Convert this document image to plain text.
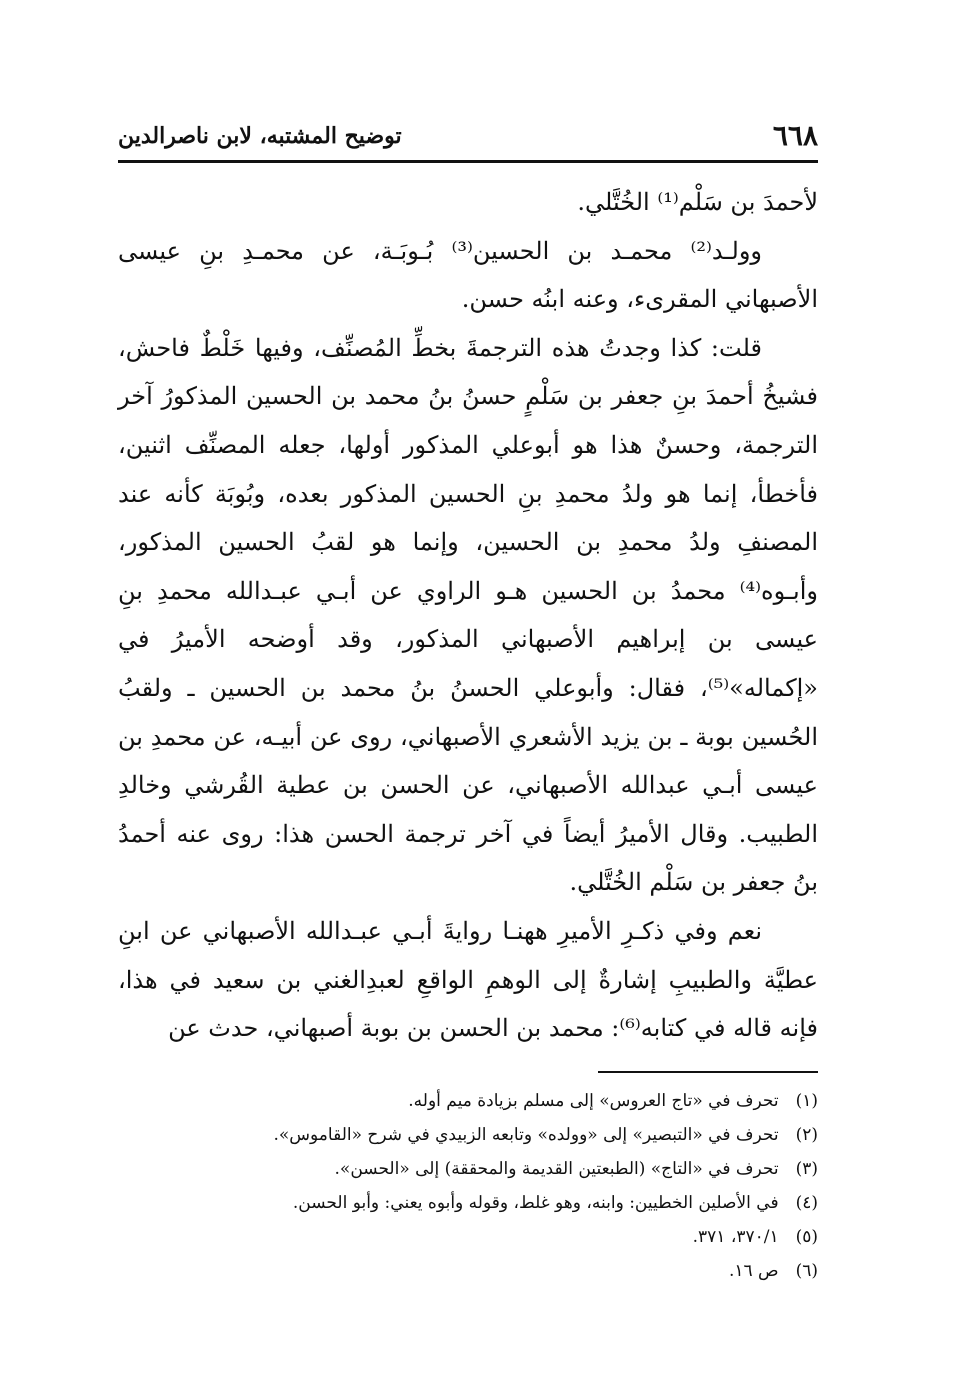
٦٦٨
توضيح المشتبه، لابن ناصرالدين

لأحمدَ بن سَلْم⁽¹⁾ الخُتَّلي.

وولـد⁽²⁾ محمـد بن الحسين⁽³⁾ بُـوبَـة، عن محمـدِ بنِ عيسى الأصبهاني المقرىء، وعنه ابنُه حسن.

قلت: كذا وجدتُ هذه الترجمةَ بخطِّ المُصنِّف، وفيها خَلْطٌ فاحش، فشيخُ أحمدَ بنِ جعفر بن سَلْمٍ حسنُ بنُ محمد بن الحسين المذكورُ آخر الترجمة، وحسنٌ هذا هو أبوعلي المذكور أولها، جعله المصنِّف اثنين، فأخطأ، إنما هو ولدُ محمدِ بنِ الحسين المذكور بعده، وبُوبَة كأنه عند المصنفِ ولدُ محمدِ بن الحسين، وإنما هو لقبُ الحسين المذكور، وأبـوه⁽⁴⁾ محمدُ بن الحسين هـو الراوي عن أبـي عبـدالله محمدِ بنِ عيسى بن إبراهيم الأصبهاني المذكور، وقد أوضحه الأميرُ في «إكماله»⁽⁵⁾، فقال: وأبوعلي الحسنُ بنُ محمد بن الحسين ـ ولقبُ الحُسين بوبة ـ بن يزيد الأشعري الأصبهاني، روى عن أبيـه، عن محمدِ بن عيسى أبـي عبدالله الأصبهاني، عن الحسن بن عطية القُرشي وخالدِ الطبيب. وقال الأميرُ أيضاً في آخر ترجمة الحسن هذا: روى عنه أحمدُ بنُ جعفر بن سَلْم الخُتَّلي.

نعم وفي ذكـرِ الأميرِ ههنـا روايةَ أبـي عبـدالله الأصبهاني عن ابنِ عطيَّة والطبيبِ إشارةٌ إلى الوهمِ الواقعِ لعبدِالغني بن سعيد في هذا، فإنه قاله في كتابه⁽⁶⁾: محمد بن الحسن بن بوبة أصبهاني، حدث عن

(١) تحرف في «تاج العروس» إلى مسلم بزيادة ميم أوله.

(٢) تحرف في «التبصير» إلى «وولده» وتابعه الزبيدي في شرح «القاموس».

(٣) تحرف في «التاج» (الطبعتين القديمة والمحققة) إلى «الحسن».

(٤) في الأصلين الخطيين: وابنه، وهو غلط، وقوله وأبوه يعني: وأبو الحسن.

(٥) ٣٧٠/١، ٣٧١.

(٦) ص ١٦.
